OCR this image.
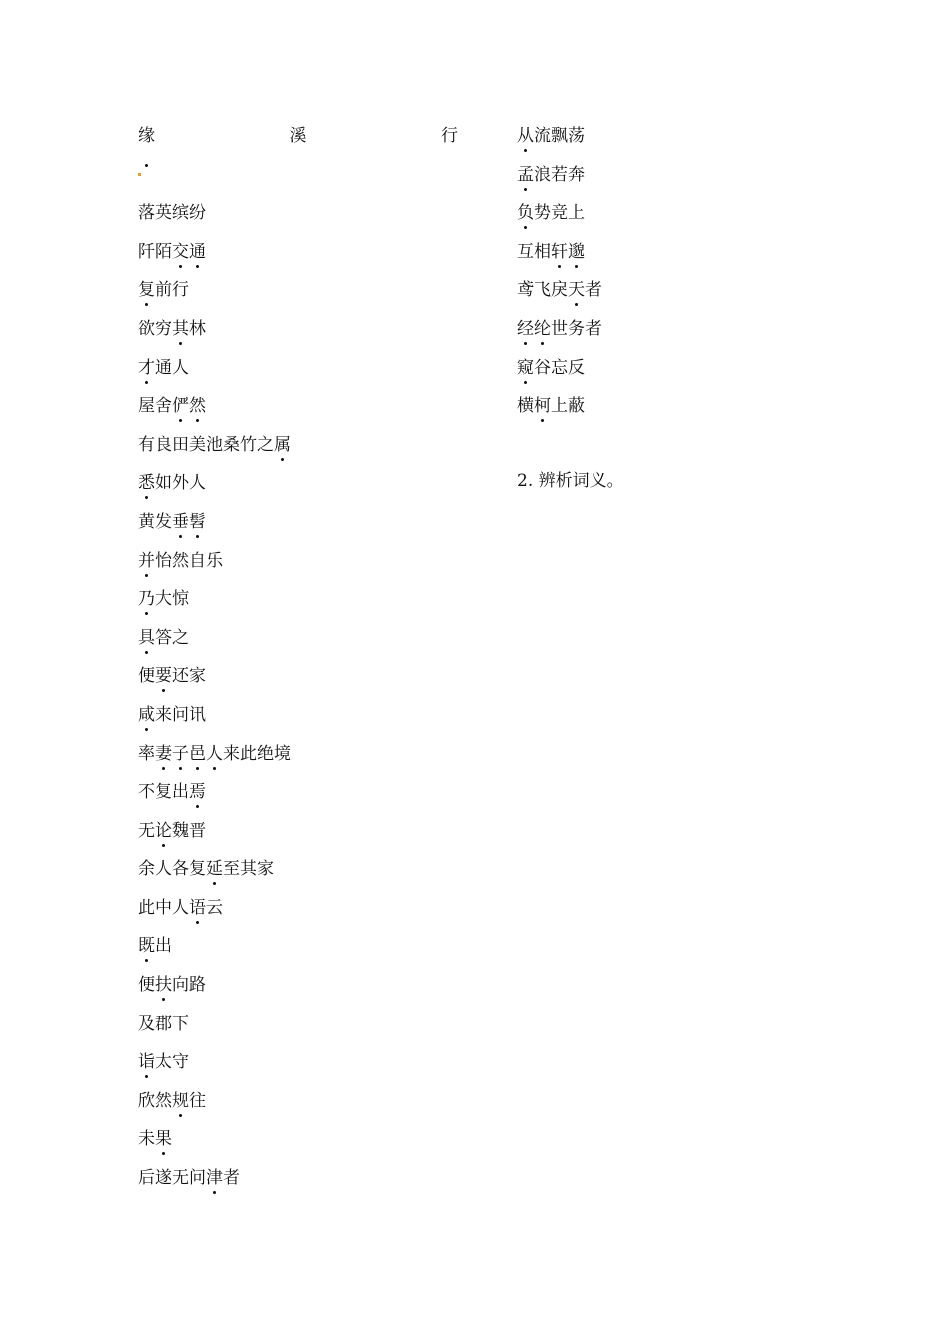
缘	溪	行
落英缤纷
阡陌交通
复前行
欲穷其林
才通人
屋舍俨然
有良田美池桑竹之属
悉如外人
黄发垂髫
并怡然自乐
乃大惊
具答之
便要还家
咸来问讯
率妻子邑人来此绝境
不复出焉
无论魏晋
余人各复延至其家
此中人语云
既出
便扶向路
及郡下
诣太守
欣然规往
未果
后遂无问津者
从流飘荡
孟浪若奔
负势竞上
互相轩邈
鸢飞戾天者
经纶世务者
窥谷忘反
横柯上蔽
2. 辨析词义。
